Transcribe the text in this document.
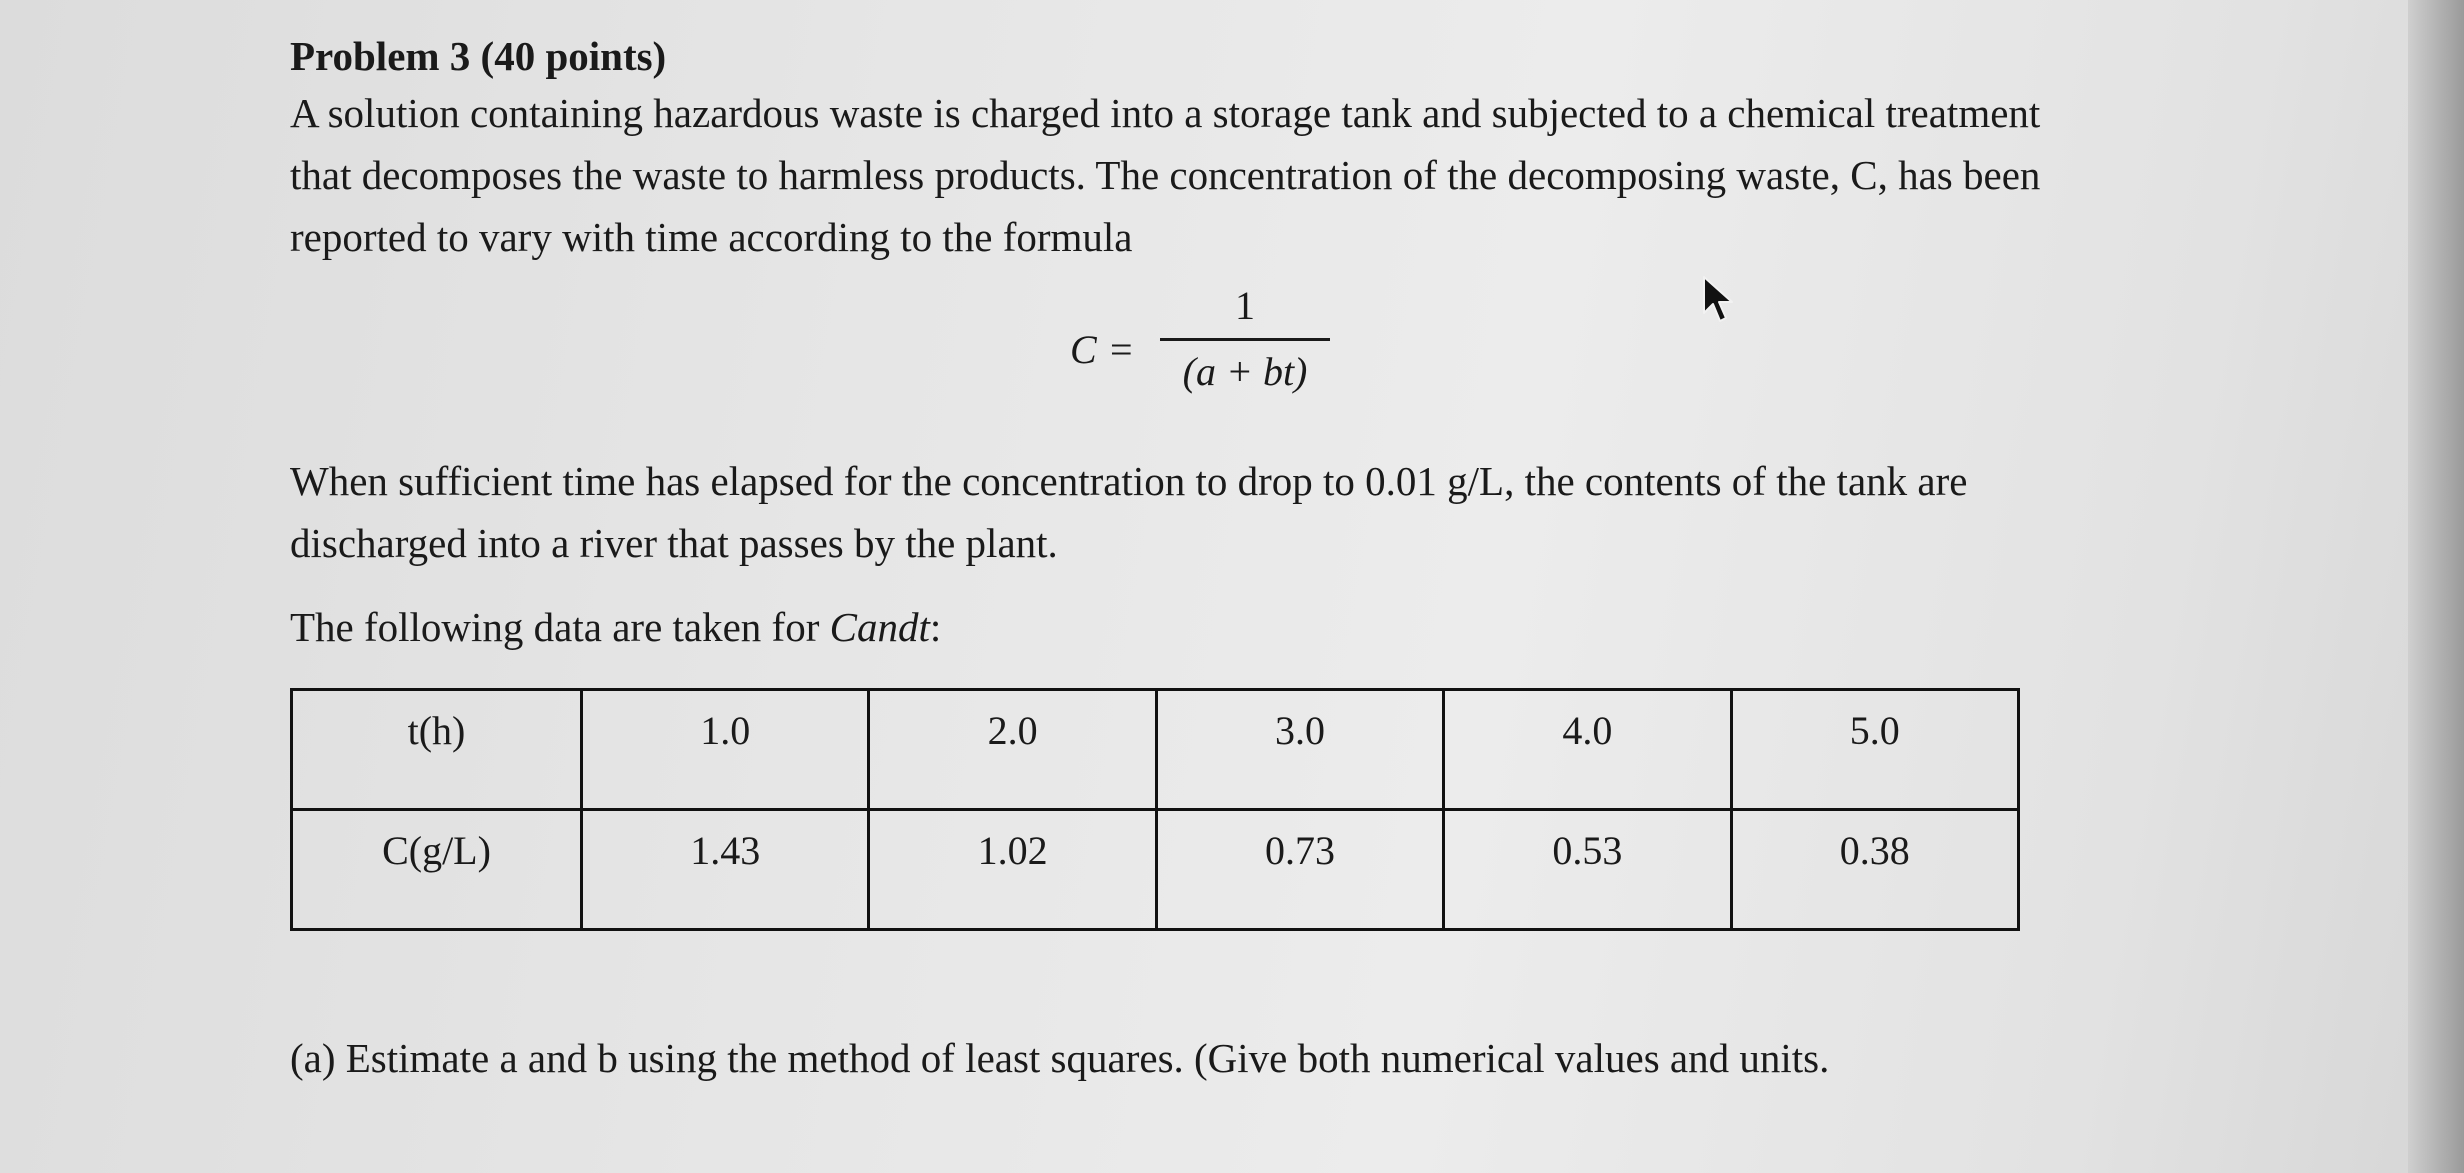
Problem 3 (40 points)

A solution containing hazardous waste is charged into a storage tank and subjected to a chemical treatment that decomposes the waste to harmless products. The concentration of the decomposing waste, C, has been reported to vary with time according to the formula

C =
1
(a + bt)

When sufficient time has elapsed for the concentration to drop to 0.01 g/L, the contents of the tank are discharged into a river that passes by the plant.

The following data are taken for Candt:

t(h)	1.0	2.0	3.0	4.0	5.0
C(g/L)	1.43	1.02	0.73	0.53	0.38

(a) Estimate a and b using the method of least squares. (Give both numerical values and units.
